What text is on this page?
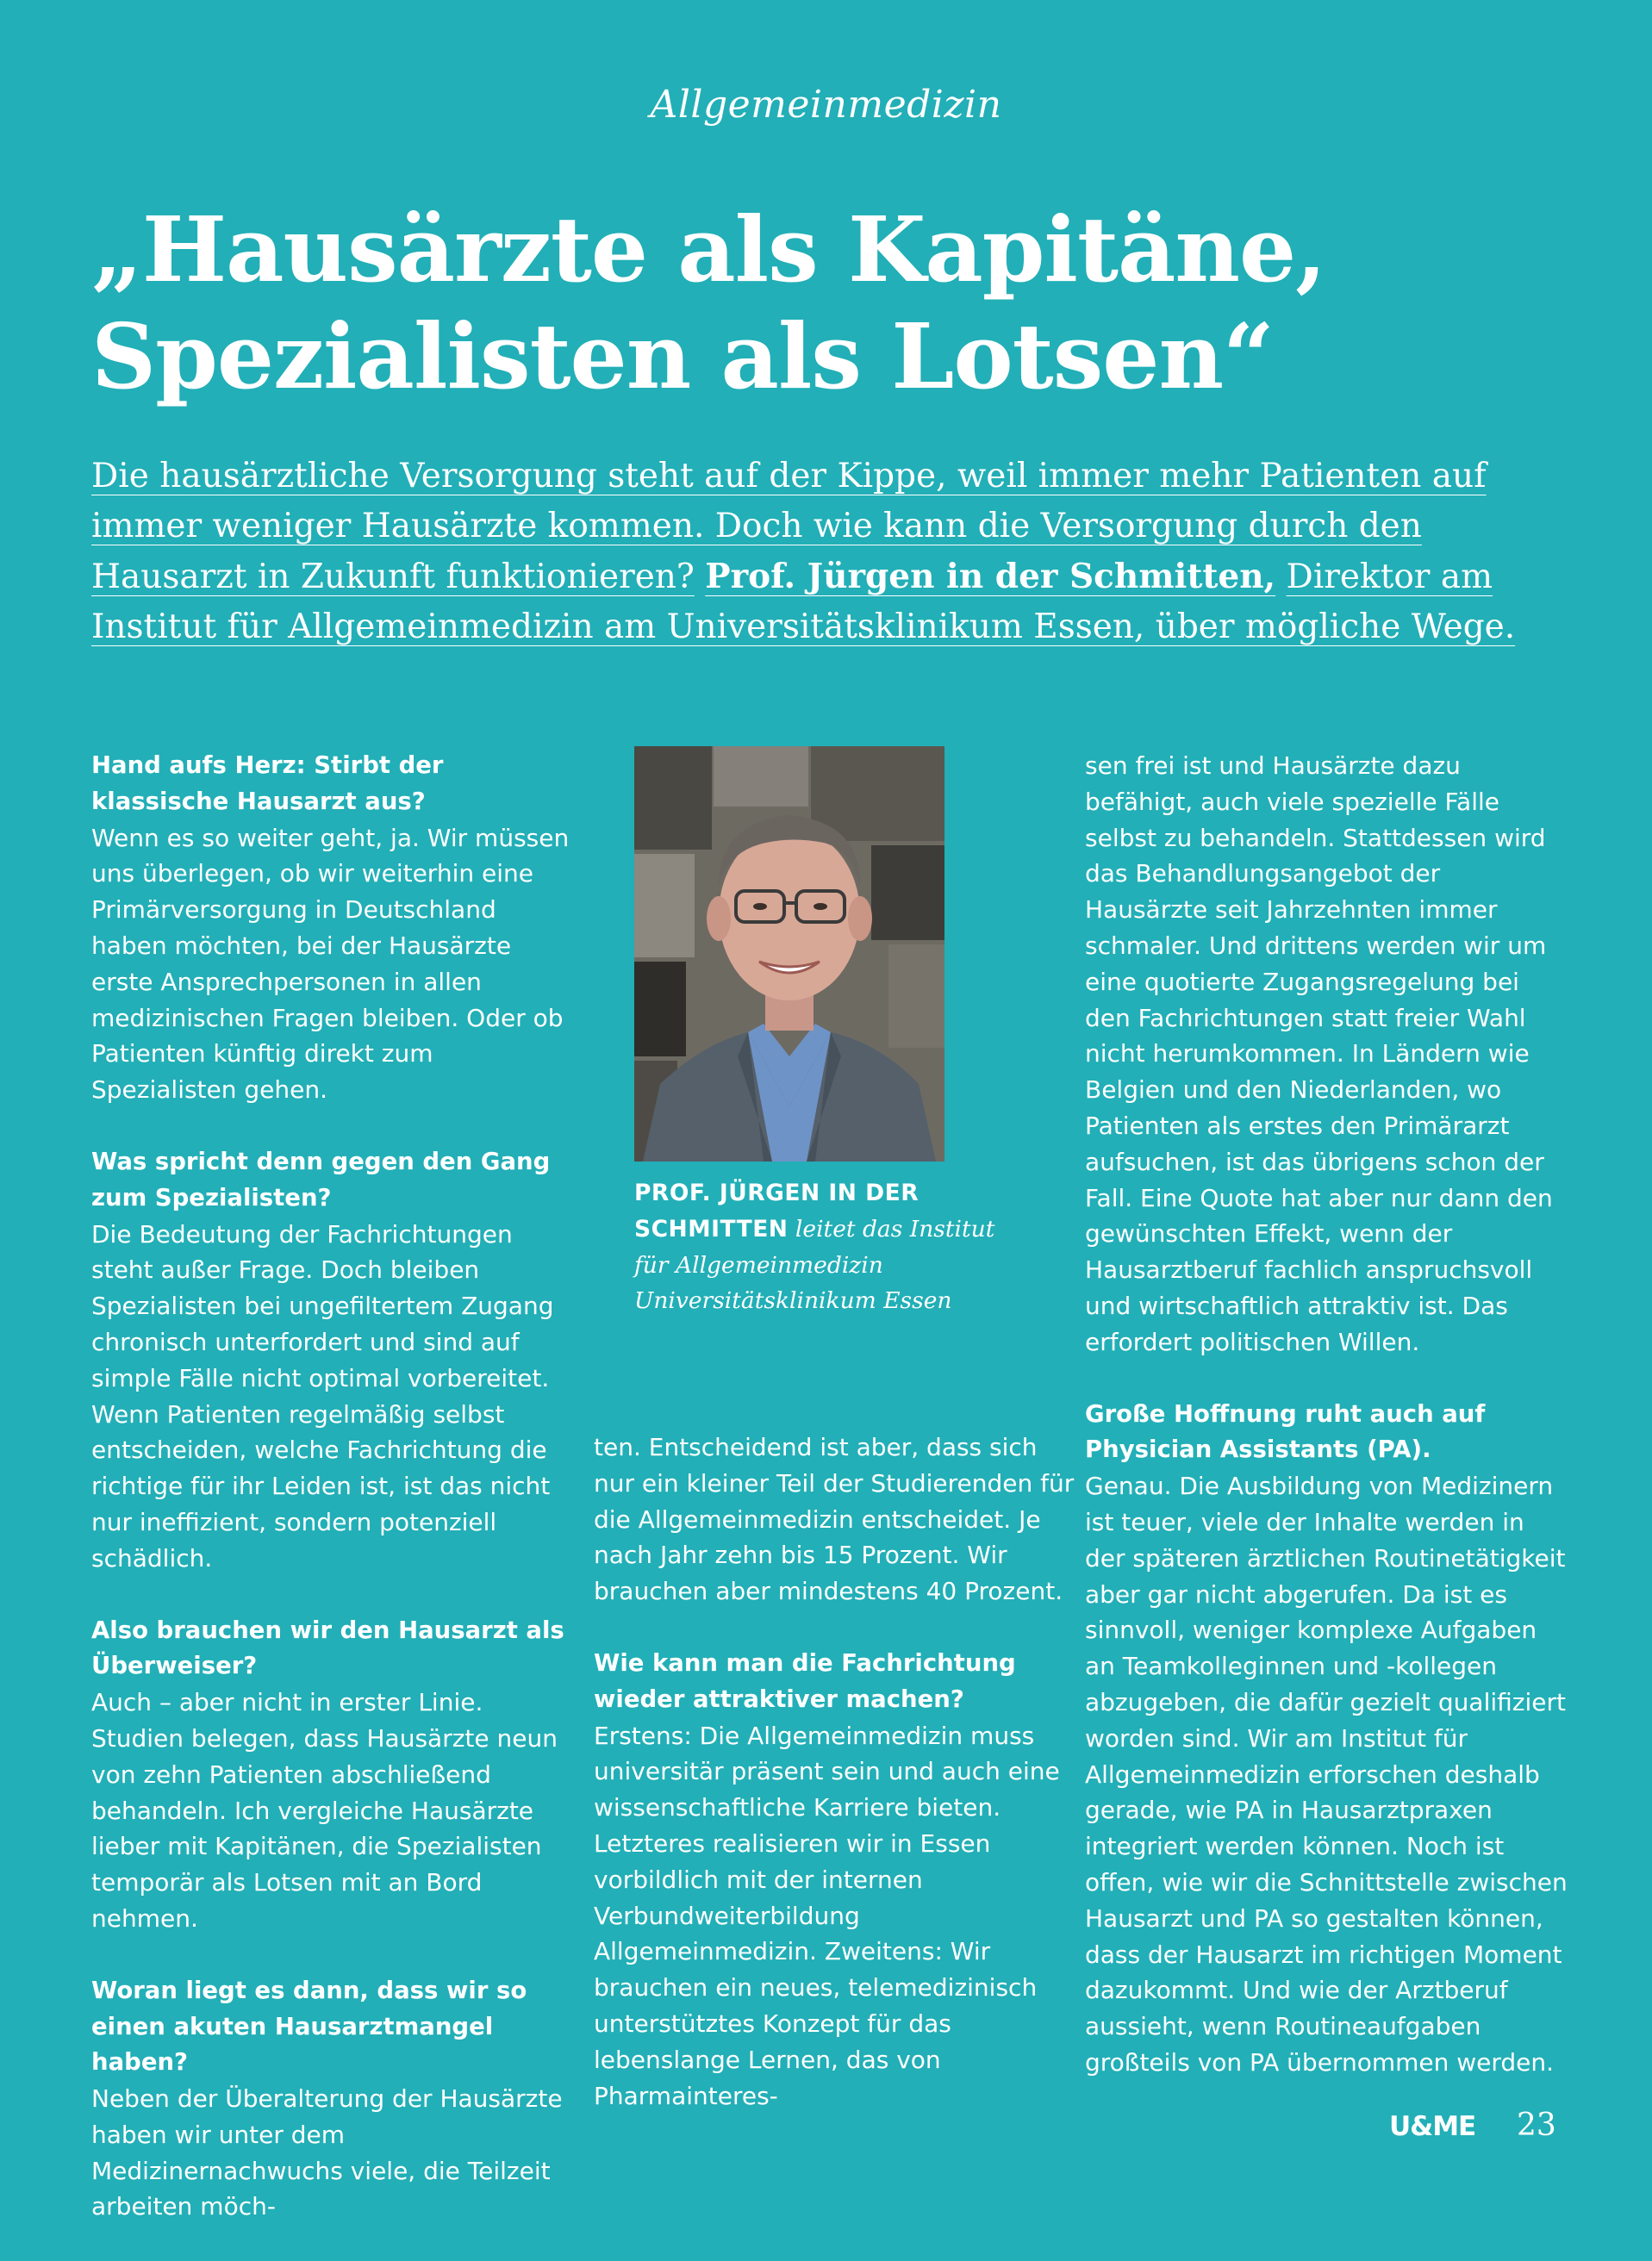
Allgemeinmedizin
„Hausärzte als Kapitäne,
Spezialisten als Lotsen“
Die hausärztliche Versorgung steht auf der Kippe, weil immer mehr Patienten auf immer weniger Hausärzte kommen. Doch wie kann die Versorgung durch den Hausarzt in Zukunft funktionieren? Prof. Jürgen in der Schmitten, Direktor am Institut für Allgemeinmedizin am Universitätsklinikum Essen, über mögliche Wege.

Hand aufs Herz: Stirbt der klassische Hausarzt aus?
Wenn es so weiter geht, ja. Wir müssen uns überlegen, ob wir weiterhin eine Primärversorgung in Deutschland haben möchten, bei der Hausärzte erste Ansprechpersonen in allen medizinischen Fragen bleiben. Oder ob Patienten künftig direkt zum Spezialisten gehen.

Was spricht denn gegen den Gang zum Spezialisten?
Die Bedeutung der Fachrichtungen steht außer Frage. Doch bleiben Spezialisten bei ungefiltertem Zugang chronisch unterfordert und sind auf simple Fälle nicht optimal vorbereitet. Wenn Patienten regelmäßig selbst entscheiden, welche Fachrichtung die richtige für ihr Leiden ist, ist das nicht nur ineffizient, sondern potenziell schädlich.

Also brauchen wir den Hausarzt als Überweiser?
Auch – aber nicht in erster Linie. Studien belegen, dass Hausärzte neun von zehn Patienten abschließend behandeln. Ich vergleiche Hausärzte lieber mit Kapitänen, die Spezialisten temporär als Lotsen mit an Bord nehmen.

Woran liegt es dann, dass wir so einen akuten Hausarztmangel haben?
Neben der Überalterung der Hausärzte haben wir unter dem Medizinernachwuchs viele, die Teilzeit arbeiten möch-

PROF. JÜRGEN IN DER SCHMITTEN leitet das Institut für Allgemeinmedizin Universitätsklinikum Essen

ten. Entscheidend ist aber, dass sich nur ein kleiner Teil der Studierenden für die Allgemeinmedizin entscheidet. Je nach Jahr zehn bis 15 Prozent. Wir brauchen aber mindestens 40 Prozent.

Wie kann man die Fachrichtung wieder attraktiver machen?
Erstens: Die Allgemeinmedizin muss universitär präsent sein und auch eine wissenschaftliche Karriere bieten. Letzteres realisieren wir in Essen vorbildlich mit der internen Verbundweiterbildung Allgemeinmedizin. Zweitens: Wir brauchen ein neues, telemedizinisch unterstütztes Konzept für das lebenslange Lernen, das von Pharmainteres-

sen frei ist und Hausärzte dazu befähigt, auch viele spezielle Fälle selbst zu behandeln. Stattdessen wird das Behandlungsangebot der Hausärzte seit Jahrzehnten immer schmaler. Und drittens werden wir um eine quotierte Zugangsregelung bei den Fachrichtungen statt freier Wahl nicht herumkommen. In Ländern wie Belgien und den Niederlanden, wo Patienten als erstes den Primärarzt aufsuchen, ist das übrigens schon der Fall. Eine Quote hat aber nur dann den gewünschten Effekt, wenn der Hausarztberuf fachlich anspruchsvoll und wirtschaftlich attraktiv ist. Das erfordert politischen Willen.

Große Hoffnung ruht auch auf Physician Assistants (PA).
Genau. Die Ausbildung von Medizinern ist teuer, viele der Inhalte werden in der späteren ärztlichen Routinetätigkeit aber gar nicht abgerufen. Da ist es sinnvoll, weniger komplexe Aufgaben an Teamkolleginnen und -kollegen abzugeben, die dafür gezielt qualifiziert worden sind. Wir am Institut für Allgemeinmedizin erforschen deshalb gerade, wie PA in Hausarztpraxen integriert werden können. Noch ist offen, wie wir die Schnittstelle zwischen Hausarzt und PA so gestalten können, dass der Hausarzt im richtigen Moment dazukommt. Und wie der Arztberuf aussieht, wenn Routineaufgaben großteils von PA übernommen werden.

U&ME 23
